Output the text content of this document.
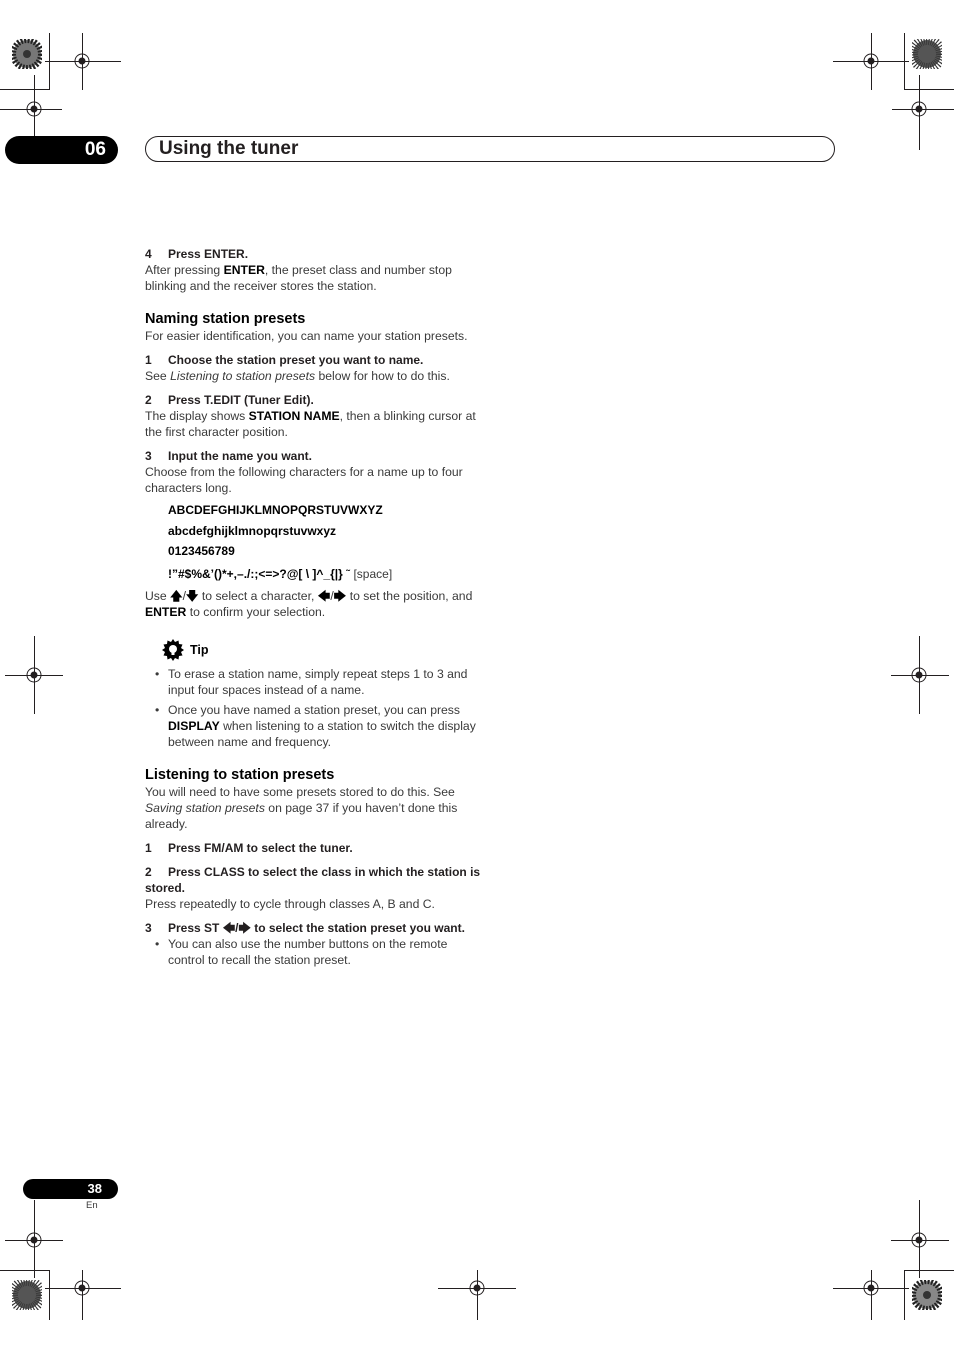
06	Using the tuner
4 Press ENTER.
After pressing ENTER, the preset class and number stop blinking and the receiver stores the station.
Naming station presets
For easier identification, you can name your station presets.
1 Choose the station preset you want to name.
See Listening to station presets below for how to do this.
2 Press T.EDIT (Tuner Edit).
The display shows STATION NAME, then a blinking cursor at the first character position.
3 Input the name you want.
Choose from the following characters for a name up to four characters long.
ABCDEFGHIJKLMNOPQRSTUVWXYZ
abcdefghijklmnopqrstuvwxyz
0123456789
!”#$%&’()*+,–./:;<=>?@[ \ ]^_{|} ˜ [space]
Use 🡅/🡇 to select a character, 🡄/🡆 to set the position, and ENTER to confirm your selection.
Tip
• To erase a station name, simply repeat steps 1 to 3 and input four spaces instead of a name.
• Once you have named a station preset, you can press DISPLAY when listening to a station to switch the display between name and frequency.
Listening to station presets
You will need to have some presets stored to do this. See Saving station presets on page 37 if you haven’t done this already.
1 Press FM/AM to select the tuner.
2 Press CLASS to select the class in which the station is stored.
Press repeatedly to cycle through classes A, B and C.
3 Press ST 🡄/🡆 to select the station preset you want.
• You can also use the number buttons on the remote control to recall the station preset.
38
En
